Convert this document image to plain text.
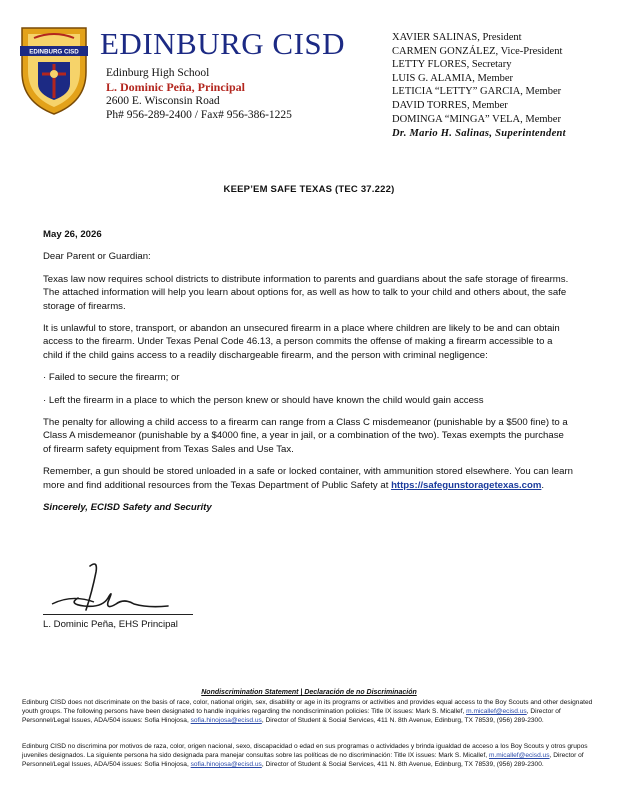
EDINBURG CISD EDINBURG CISD
Edinburg High School
L. Dominic Peña, Principal
2600 E. Wisconsin Road
Ph# 956-289-2400 / Fax# 956-386-1225
XAVIER SALINAS, President
CARMEN GONZÁLEZ, Vice-President
LETTY FLORES, Secretary
LUIS G. ALAMIA, Member
LETICIA “LETTY” GARCIA, Member
DAVID TORRES, Member
DOMINGA “MINGA” VELA, Member
Dr. Mario H. Salinas, Superintendent
KEEP’EM SAFE TEXAS (TEC 37.222)

May 26, 2026

Dear Parent or Guardian:

Texas law now requires school districts to distribute information to parents and guardians about the safe storage of firearms. The attached information will help you learn about options for, as well as how to talk to your child and others about, the safe storage of firearms.

It is unlawful to store, transport, or abandon an unsecured firearm in a place where children are likely to be and can obtain access to the firearm. Under Texas Penal Code 46.13, a person commits the offense of making a firearm accessible to a child if the child gains access to a readily dischargeable firearm, and the person with criminal negligence:

· Failed to secure the firearm; or

· Left the firearm in a place to which the person knew or should have known the child would gain access

The penalty for allowing a child access to a firearm can range from a Class C misdemeanor (punishable by a $500 fine) to a Class A misdemeanor (punishable by a $4000 fine, a year in jail, or a combination of the two). Texas exempts the purchase of firearm safety equipment from Texas Sales and Use Tax.

Remember, a gun should be stored unloaded in a safe or locked container, with ammunition stored elsewhere. You can learn more and find additional resources from the Texas Department of Public Safety at https://safegunstoragetexas.com.

Sincerely, ECISD Safety and Security

L. Dominic Peña, EHS Principal
Nondiscrimination Statement | Declaración de no Discriminación
Edinburg CISD does not discriminate on the basis of race, color, national origin, sex, disability or age in its programs or activities and provides equal access to the Boy Scouts and other designated youth groups. The following persons have been designated to handle inquiries regarding the nondiscrimination policies: Title IX issues: Mark S. Micallef, m.micallef@ecisd.us, Director of Personnel/Legal Issues, ADA/504 issues: Sofia Hinojosa, sofia.hinojosa@ecisd.us, Director of Student & Social Services, 411 N. 8th Avenue, Edinburg, TX 78539, (956) 289-2300.
Edinburg CISD no discrimina por motivos de raza, color, origen nacional, sexo, discapacidad o edad en sus programas o actividades y brinda igualdad de acceso a los Boy Scouts y otros grupos juveniles designados. La siguiente persona ha sido designada para manejar consultas sobre las políticas de no discriminación: Title IX issues: Mark S. Micallef, m.micallef@ecisd.us, Director of Personnel/Legal Issues, ADA/504 issues: Sofia Hinojosa, sofia.hinojosa@ecisd.us, Director of Student & Social Services, 411 N. 8th Avenue, Edinburg, TX 78539, (956) 289-2300.
